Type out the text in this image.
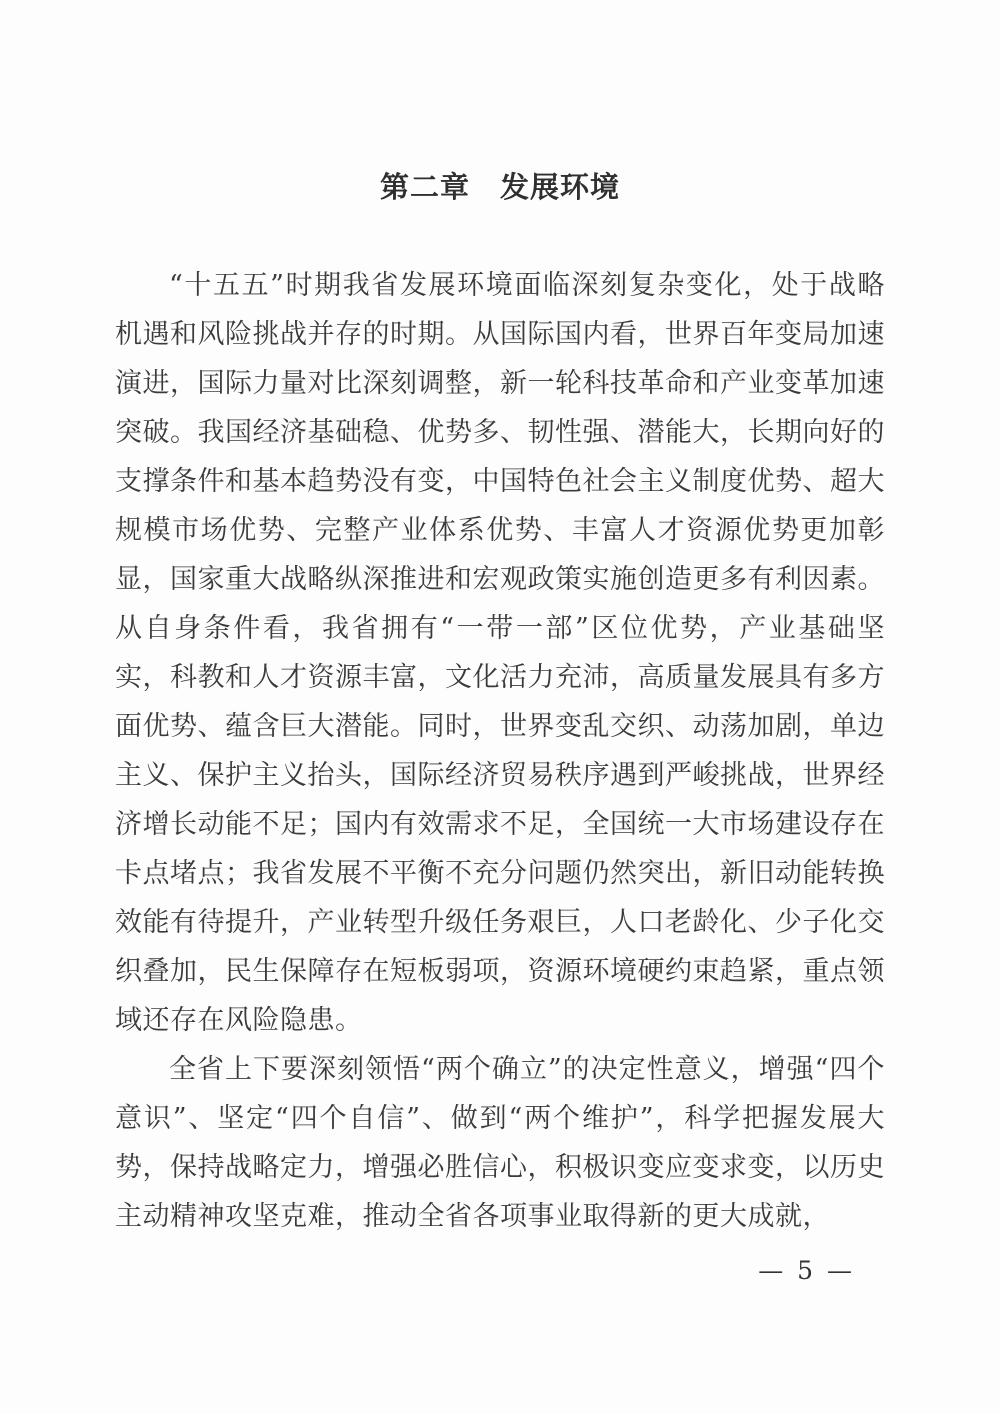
第二章　发展环境

“十五五”时期我省发展环境面临深刻复杂变化，处于战略机遇和风险挑战并存的时期。从国际国内看，世界百年变局加速演进，国际力量对比深刻调整，新一轮科技革命和产业变革加速突破。我国经济基础稳、优势多、韧性强、潜能大，长期向好的支撑条件和基本趋势没有变，中国特色社会主义制度优势、超大规模市场优势、完整产业体系优势、丰富人才资源优势更加彰显，国家重大战略纵深推进和宏观政策实施创造更多有利因素。从自身条件看，我省拥有“一带一部”区位优势，产业基础坚实，科教和人才资源丰富，文化活力充沛，高质量发展具有多方面优势、蕴含巨大潜能。同时，世界变乱交织、动荡加剧，单边主义、保护主义抬头，国际经济贸易秩序遇到严峻挑战，世界经济增长动能不足；国内有效需求不足，全国统一大市场建设存在卡点堵点；我省发展不平衡不充分问题仍然突出，新旧动能转换效能有待提升，产业转型升级任务艰巨，人口老龄化、少子化交织叠加，民生保障存在短板弱项，资源环境硬约束趋紧，重点领域还存在风险隐患。

全省上下要深刻领悟“两个确立”的决定性意义，增强“四个意识”、坚定“四个自信”、做到“两个维护”，科学把握发展大势，保持战略定力，增强必胜信心，积极识变应变求变，以历史主动精神攻坚克难，推动全省各项事业取得新的更大成就，

— 5 —
